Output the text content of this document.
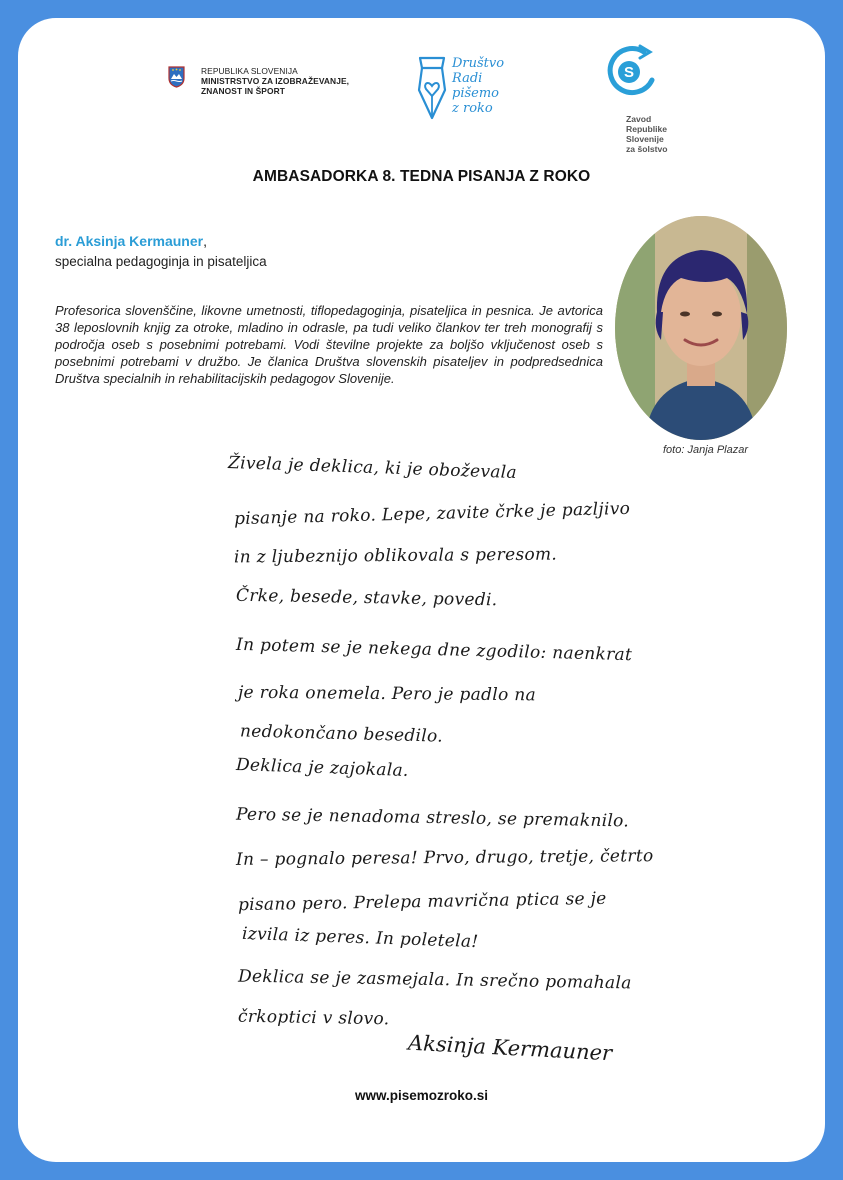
REPUBLIKA SLOVENIJA
MINISTRSTVO ZA IZOBRAŽEVANJE,
ZNANOST IN ŠPORT
Društvo
Radi
pišemo
z roko
S
Zavod
Republike
Slovenije
za šolstvo
AMBASADORKA 8. TEDNA PISANJA Z ROKO
dr. Aksinja Kermauner,
specialna pedagoginja in pisateljica
Profesorica slovenščine, likovne umetnosti, tiflopedagoginja, pisateljica in pesnica. Je avtorica 38 leposlovnih knjig za otroke, mladino in odrasle, pa tudi veliko člankov ter treh monografij s področja oseb s posebnimi potrebami. Vodi številne projekte za boljšo vključenost oseb s posebnimi potrebami v družbo. Je članica Društva slovenskih pisateljev in podpredsednica Društva specialnih in rehabilitacijskih pedagogov Slovenije.
foto: Janja Plazar
Živela je deklica, ki je oboževala
pisanje na roko. Lepe, zavite črke je pazljivo
in z ljubeznijo oblikovala s peresom.
Črke, besede, stavke, povedi.
In potem se je nekega dne zgodilo: naenkrat
je roka onemela. Pero je padlo na
nedokončano besedilo.
Deklica je zajokala.
Pero se je nenadoma streslo, se premaknilo.
In – pognalo peresa! Prvo, drugo, tretje, četrto
pisano pero. Prelepa mavrična ptica se je
izvila iz peres. In poletela!
Deklica se je zasmejala. In srečno pomahala
črkoptici v slovo.
Aksinja Kermauner
www.pisemozroko.si
